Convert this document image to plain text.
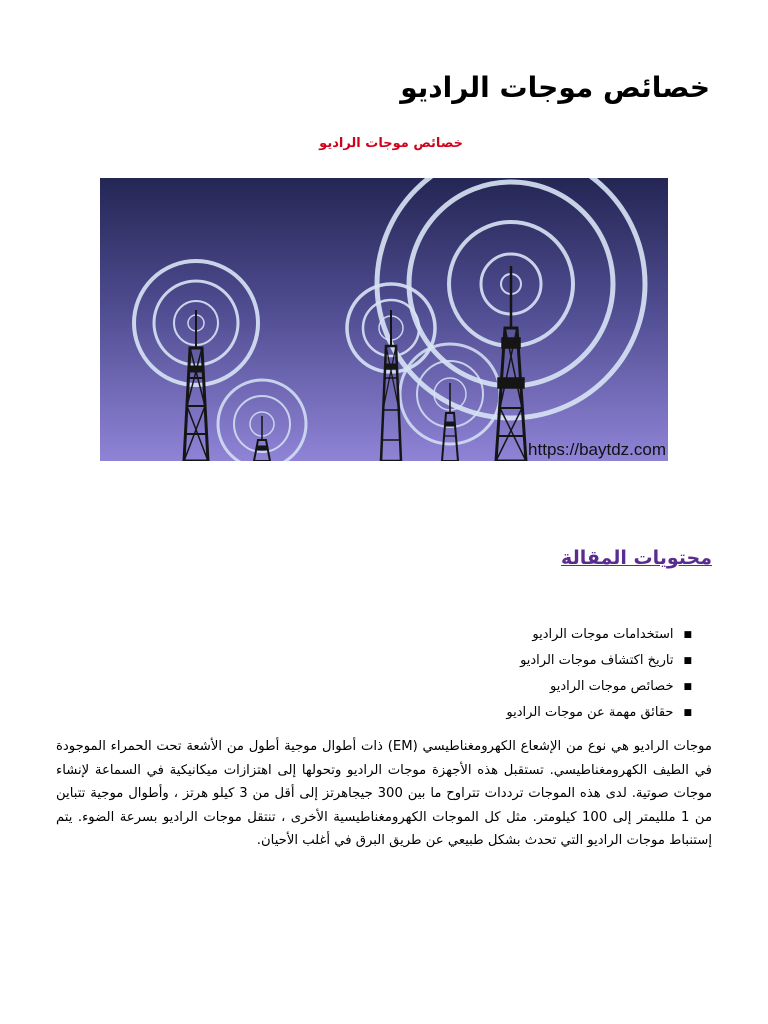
خصائص موجات الراديو
خصائص موجات الراديو
https://baytdz.com
محتويات المقالة
■استخدامات موجات الراديو
■تاريخ اكتشاف موجات الراديو
■خصائص موجات الراديو
■حقائق مهمة عن موجات الراديو

موجات الراديو هي نوع من الإشعاع الكهرومغناطيسي (EM) ذات أطوال موجية أطول من الأشعة تحت الحمراء الموجودة في الطيف الكهرومغناطيسي. تستقبل هذه الأجهزة موجات الراديو وتحولها إلى اهتزازات ميكانيكية في السماعة لإنشاء موجات صوتية. لدى هذه الموجات ترددات تتراوح ما بين 300 جيجاهرتز إلى أقل من 3 كيلو هرتز ، وأطوال موجية تتباين من 1 ملليمتر إلى 100 كيلومتر. مثل كل الموجات الكهرومغناطيسية الأخرى ، تنتقل موجات الراديو بسرعة الضوء. يتم إستنباط موجات الراديو التي تحدث بشكل طبيعي عن طريق البرق في أغلب الأحيان.
